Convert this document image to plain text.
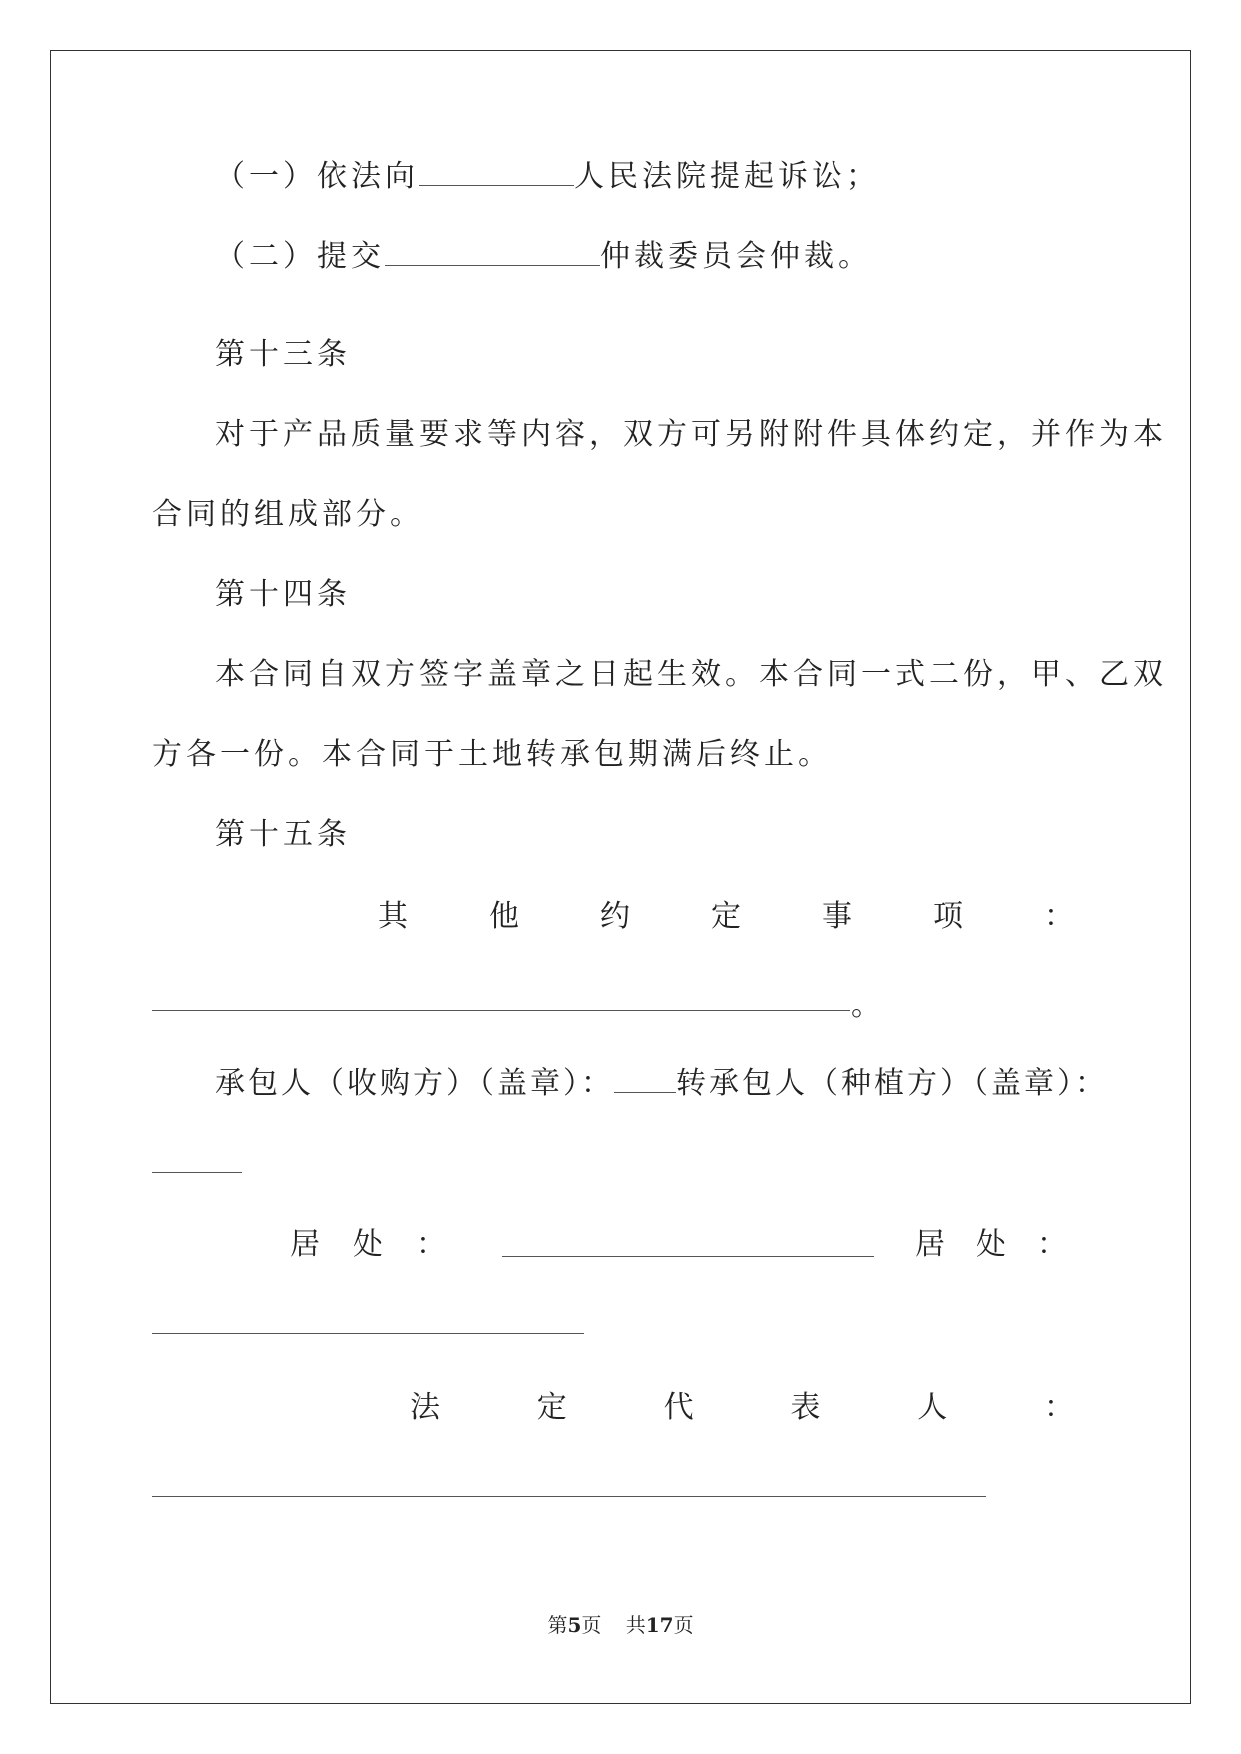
（一）依法向	人民法院提起诉讼；
（二）提交	仲裁委员会仲裁。
第十三条
对于产品质量要求等内容，双方可另附附件具体约定，并作为本
合同的组成部分。
第十四条
本合同自双方签字盖章之日起生效。本合同一式二份，甲、乙双
方各一份。本合同于土地转承包期满后终止。
第十五条
其	他	约	定	事	项	：
。
承包人（收购方）（盖章）： 转承包人（种植方）（盖章）：
居 处 ：	居 处 ：
法	定	代	表	人	：
第5页 共17页
